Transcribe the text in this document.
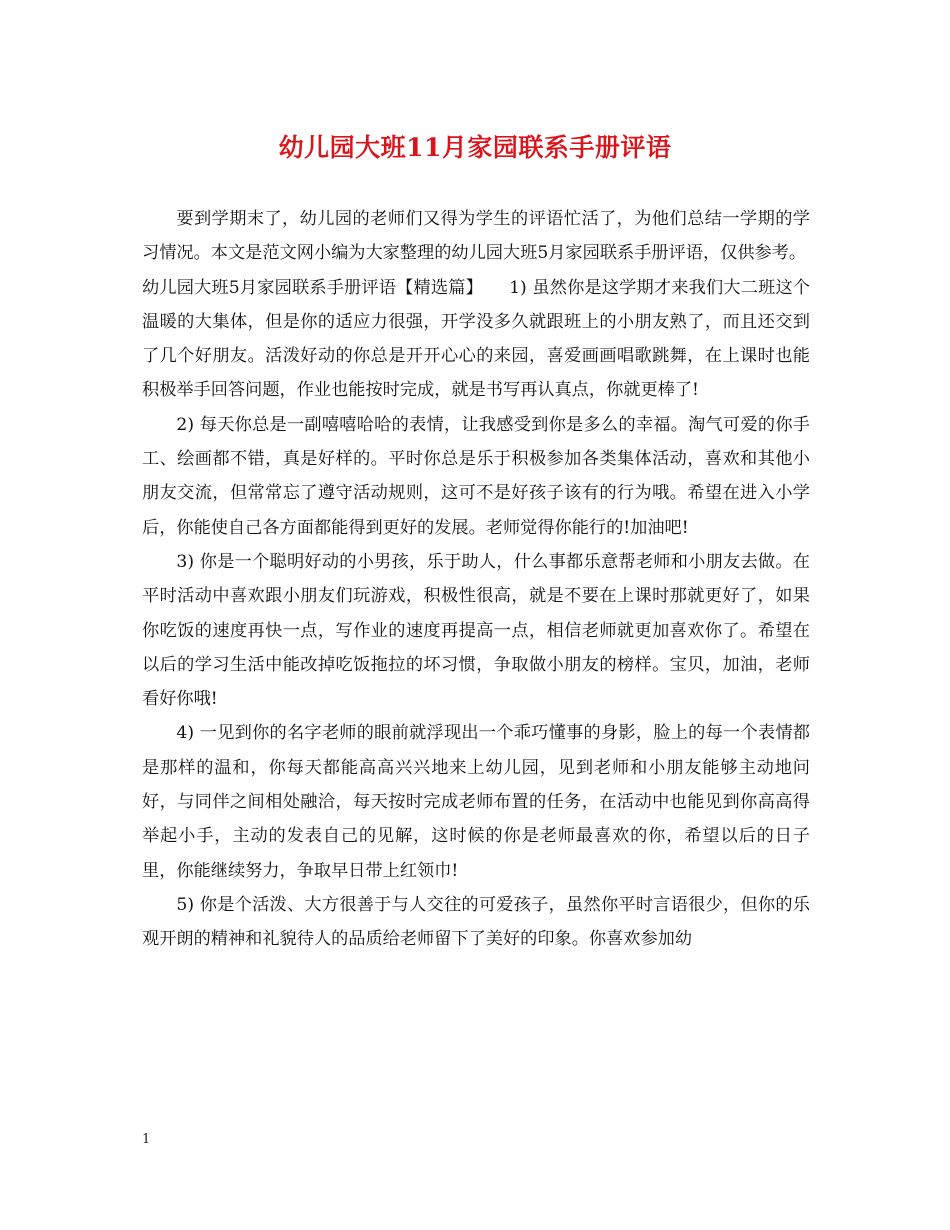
幼儿园大班11月家园联系手册评语

要到学期末了，幼儿园的老师们又得为学生的评语忙活了，为他们总结一学期的学习情况。本文是范文网小编为大家整理的幼儿园大班5月家园联系手册评语，仅供参考。

幼儿园大班5月家园联系手册评语【精选篇】　　1) 虽然你是这学期才来我们大二班这个温暖的大集体，但是你的适应力很强，开学没多久就跟班上的小朋友熟了，而且还交到了几个好朋友。活泼好动的你总是开开心心的来园，喜爱画画唱歌跳舞，在上课时也能积极举手回答问题，作业也能按时完成，就是书写再认真点，你就更棒了!

2) 每天你总是一副嘻嘻哈哈的表情，让我感受到你是多么的幸福。淘气可爱的你手工、绘画都不错，真是好样的。平时你总是乐于积极参加各类集体活动，喜欢和其他小朋友交流，但常常忘了遵守活动规则，这可不是好孩子该有的行为哦。希望在进入小学后，你能使自己各方面都能得到更好的发展。老师觉得你能行的!加油吧!

3) 你是一个聪明好动的小男孩，乐于助人，什么事都乐意帮老师和小朋友去做。在平时活动中喜欢跟小朋友们玩游戏，积极性很高，就是不要在上课时那就更好了，如果你吃饭的速度再快一点，写作业的速度再提高一点，相信老师就更加喜欢你了。希望在以后的学习生活中能改掉吃饭拖拉的坏习惯，争取做小朋友的榜样。宝贝，加油，老师看好你哦!

4) 一见到你的名字老师的眼前就浮现出一个乖巧懂事的身影，脸上的每一个表情都是那样的温和，你每天都能高高兴兴地来上幼儿园，见到老师和小朋友能够主动地问好，与同伴之间相处融洽，每天按时完成老师布置的任务，在活动中也能见到你高高得举起小手，主动的发表自己的见解，这时候的你是老师最喜欢的你，希望以后的日子里，你能继续努力，争取早日带上红领巾!

5) 你是个活泼、大方很善于与人交往的可爱孩子，虽然你平时言语很少，但你的乐观开朗的精神和礼貌待人的品质给老师留下了美好的印象。你喜欢参加幼

1
